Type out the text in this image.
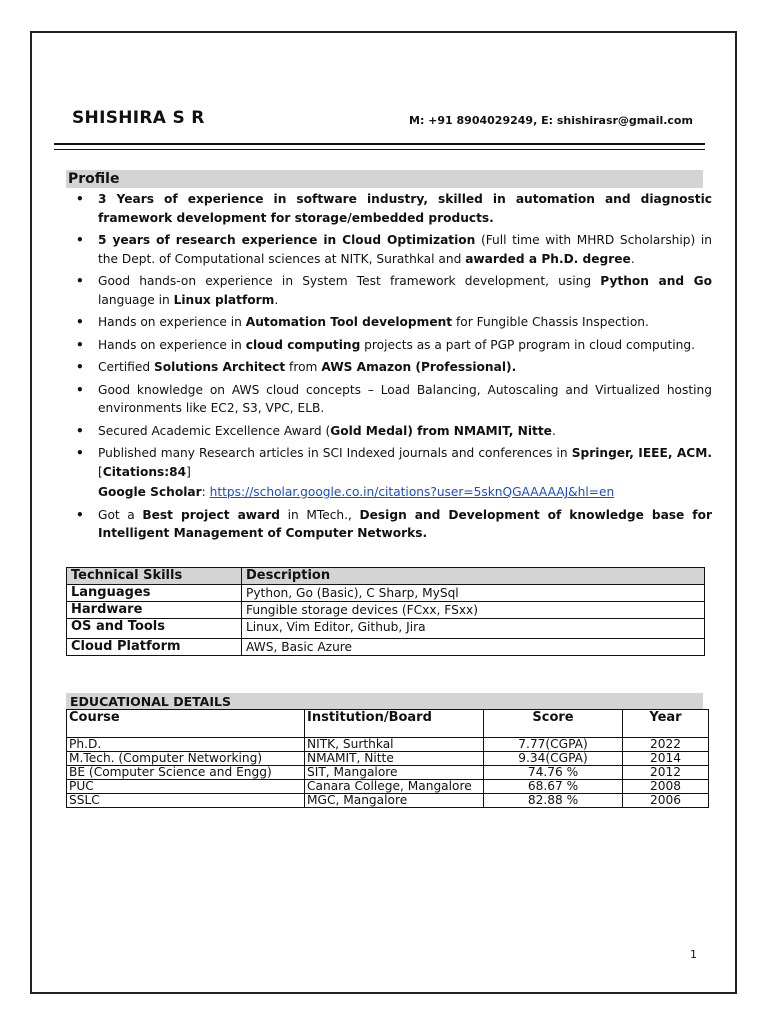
SHISHIRA S R	M: +91 8904029249, E: shishirasr@gmail.com
Profile
• 3 Years of experience in software industry, skilled in automation and diagnostic framework development for storage/embedded products.
• 5 years of research experience in Cloud Optimization (Full time with MHRD Scholarship) in the Dept. of Computational sciences at NITK, Surathkal and awarded a Ph.D. degree.
• Good hands-on experience in System Test framework development, using Python and Go language in Linux platform.
• Hands on experience in Automation Tool development for Fungible Chassis Inspection.
• Hands on experience in cloud computing projects as a part of PGP program in cloud computing.
• Certified Solutions Architect from AWS Amazon (Professional).
• Good knowledge on AWS cloud concepts – Load Balancing, Autoscaling and Virtualized hosting environments like EC2, S3, VPC, ELB.
• Secured Academic Excellence Award (Gold Medal) from NMAMIT, Nitte.
• Published many Research articles in SCI Indexed journals and conferences in Springer, IEEE, ACM. [Citations:84]
Google Scholar: https://scholar.google.co.in/citations?user=5sknQGAAAAAJ&hl=en
• Got a Best project award in MTech., Design and Development of knowledge base for Intelligent Management of Computer Networks.
Technical Skills	Description
Languages	Python, Go (Basic), C Sharp, MySql
Hardware	Fungible storage devices (FCxx, FSxx)
OS and Tools	Linux, Vim Editor, Github, Jira
Cloud Platform	AWS, Basic Azure
EDUCATIONAL DETAILS
Course	Institution/Board	Score	Year
Ph.D.	NITK, Surthkal	7.77(CGPA)	2022
M.Tech. (Computer Networking)	NMAMIT, Nitte	9.34(CGPA)	2014
BE (Computer Science and Engg)	SIT, Mangalore	74.76 %	2012
PUC	Canara College, Mangalore	68.67 %	2008
SSLC	MGC, Mangalore	82.88 %	2006
1
